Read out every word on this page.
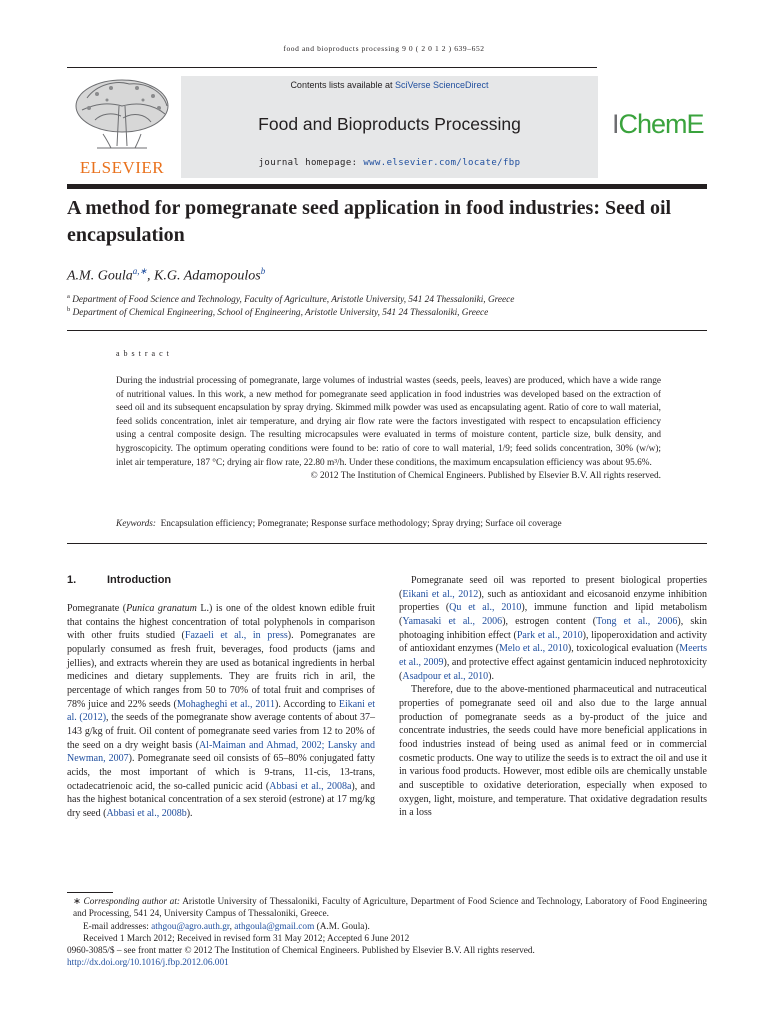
food and bioproducts processing 9 0 ( 2 0 1 2 ) 639–652
ELSEVIER
Contents lists available at SciVerse ScienceDirect
Food and Bioproducts Processing
journal homepage: www.elsevier.com/locate/fbp
IChemE
A method for pomegranate seed application in food industries: Seed oil encapsulation
A.M. Goula$^{a,∗}$, K.G. Adamopoulos$^b$
$^a$ Department of Food Science and Technology, Faculty of Agriculture, Aristotle University, 541 24 Thessaloniki, Greece
$^b$ Department of Chemical Engineering, School of Engineering, Aristotle University, 541 24 Thessaloniki, Greece
abstract
During the industrial processing of pomegranate, large volumes of industrial wastes (seeds, peels, leaves) are produced, which have a wide range of nutritional values. In this work, a new method for pomegranate seed application in food industries was developed based on the extraction of seed oil and its subsequent encapsulation by spray drying. Skimmed milk powder was used as encapsulating agent. Ratio of core to wall material, feed solids concentration, inlet air temperature, and drying air flow rate were the factors investigated with respect to encapsulation efficiency using a central composite design. The resulting microcapsules were evaluated in terms of moisture content, particle size, bulk density, and hygroscopicity. The optimum operating conditions were found to be: ratio of core to wall material, 1/9; feed solids concentration, 30% (w/w); inlet air temperature, 187 °C; drying air flow rate, 22.80 m³/h. Under these conditions, the maximum encapsulation efficiency was about 95.6%.
© 2012 The Institution of Chemical Engineers. Published by Elsevier B.V. All rights reserved.
Keywords: Encapsulation efficiency; Pomegranate; Response surface methodology; Spray drying; Surface oil coverage
1.	Introduction

Pomegranate (Punica granatum L.) is one of the oldest known edible fruit that contains the highest concentration of total polyphenols in comparison with other fruits studied (Fazaeli et al., in press). Pomegranates are popularly consumed as fresh fruit, beverages, food products (jams and jellies), and extracts wherein they are used as botanical ingredients in herbal medicines and dietary supplements. They are fruits rich in aril, the percentage of which ranges from 50 to 70% of total fruit and comprises of 78% juice and 22% seeds (Mohagheghi et al., 2011). According to Eikani et al. (2012), the seeds of the pomegranate show average contents of about 37–143 g/kg of fruit. Oil content of pomegranate seed varies from 12 to 20% of the seed on a dry weight basis (Al-Maiman and Ahmad, 2002; Lansky and Newman, 2007). Pomegranate seed oil consists of 65–80% conjugated fatty acids, the most important of which is 9-trans, 11-cis, 13-trans, octadecatrienoic acid, the so-called punicic acid (Abbasi et al., 2008a), and has the highest botanical concentration of a sex steroid (estrone) at 17 mg/kg dry seed (Abbasi et al., 2008b).

Pomegranate seed oil was reported to present biological properties (Eikani et al., 2012), such as antioxidant and eicosanoid enzyme inhibition properties (Qu et al., 2010), immune function and lipid metabolism (Yamasaki et al., 2006), estrogen content (Tong et al., 2006), skin photoaging inhibition effect (Park et al., 2010), lipoperoxidation and activity of antioxidant enzymes (Melo et al., 2010), toxicological evaluation (Meerts et al., 2009), and protective effect against gentamicin induced nephrotoxicity (Asadpour et al., 2010).

Therefore, due to the above-mentioned pharmaceutical and nutraceutical properties of pomegranate seed oil and also due to the large annual production of pomegranate seeds as a by-product of the juice and concentrate industries, the seeds could have more beneficial applications in food industries instead of being used as animal feed or in commercial cosmetic products. One way to utilize the seeds is to extract the oil and use it in various food products. However, most edible oils are chemically unstable and susceptible to oxidative deterioration, especially when exposed to oxygen, light, moisture, and temperature. That oxidative degradation results in a loss

∗ Corresponding author at: Aristotle University of Thessaloniki, Faculty of Agriculture, Department of Food Science and Technology, Laboratory of Food Engineering and Processing, 541 24, University Campus of Thessaloniki, Greece.
E-mail addresses: athgou@agro.auth.gr, athgoula@gmail.com (A.M. Goula).
Received 1 March 2012; Received in revised form 31 May 2012; Accepted 6 June 2012
0960-3085/$ – see front matter © 2012 The Institution of Chemical Engineers. Published by Elsevier B.V. All rights reserved.
http://dx.doi.org/10.1016/j.fbp.2012.06.001
